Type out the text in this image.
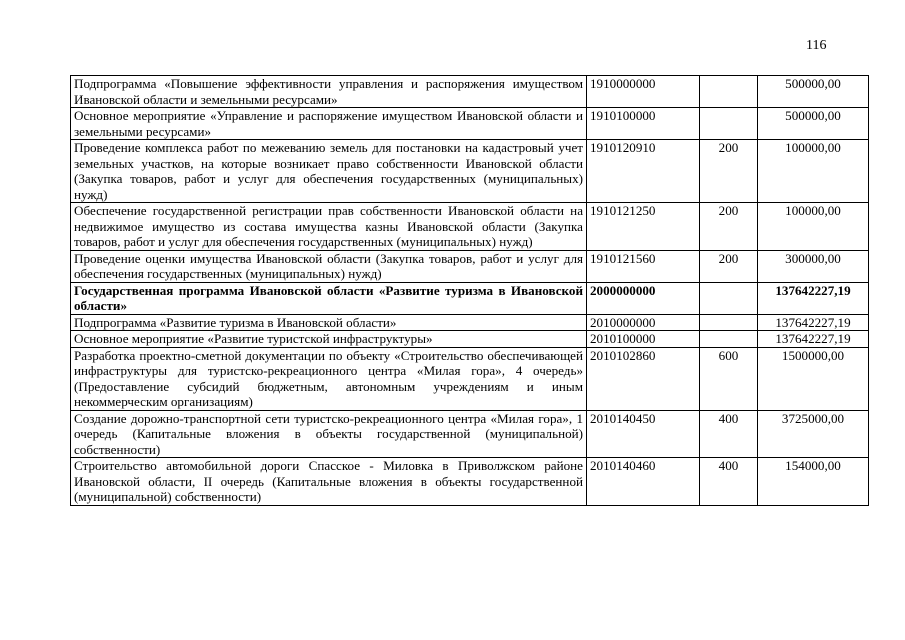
116
Подпрограмма «Повышение эффективности управления и распоряжения имуществом Ивановской области и земельными ресурсами»	1910000000		500000,00
Основное мероприятие «Управление и распоряжение имуществом Ивановской области и земельными ресурсами»	1910100000		500000,00
Проведение комплекса работ по межеванию земель для постановки на кадастровый учет земельных участков, на которые возникает право собственности Ивановской области (Закупка товаров, работ и услуг для обеспечения государственных (муниципальных) нужд)	1910120910	200	100000,00
Обеспечение государственной регистрации прав собственности Ивановской области на недвижимое имущество из состава имущества казны Ивановской области (Закупка товаров, работ и услуг для обеспечения государственных (муниципальных) нужд)	1910121250	200	100000,00
Проведение оценки имущества Ивановской области (Закупка товаров, работ и услуг для обеспечения государственных (муниципальных) нужд)	1910121560	200	300000,00
Государственная программа Ивановской области «Развитие туризма в Ивановской области»	2000000000		137642227,19
Подпрограмма «Развитие туризма в Ивановской области»	2010000000		137642227,19
Основное мероприятие «Развитие туристской инфраструктуры»	2010100000		137642227,19
Разработка проектно-сметной документации по объекту «Строительство обеспечивающей инфраструктуры для туристско-рекреационного центра «Милая гора», 4 очередь» (Предоставление субсидий бюджетным, автономным учреждениям и иным некоммерческим организациям)	2010102860	600	1500000,00
Создание дорожно-транспортной сети туристско-рекреационного центра «Милая гора», 1 очередь (Капитальные вложения в объекты государственной (муниципальной) собственности)	2010140450	400	3725000,00
Строительство автомобильной дороги Спасское - Миловка в Приволжском районе Ивановской области, II очередь (Капитальные вложения в объекты государственной (муниципальной) собственности)	2010140460	400	154000,00
